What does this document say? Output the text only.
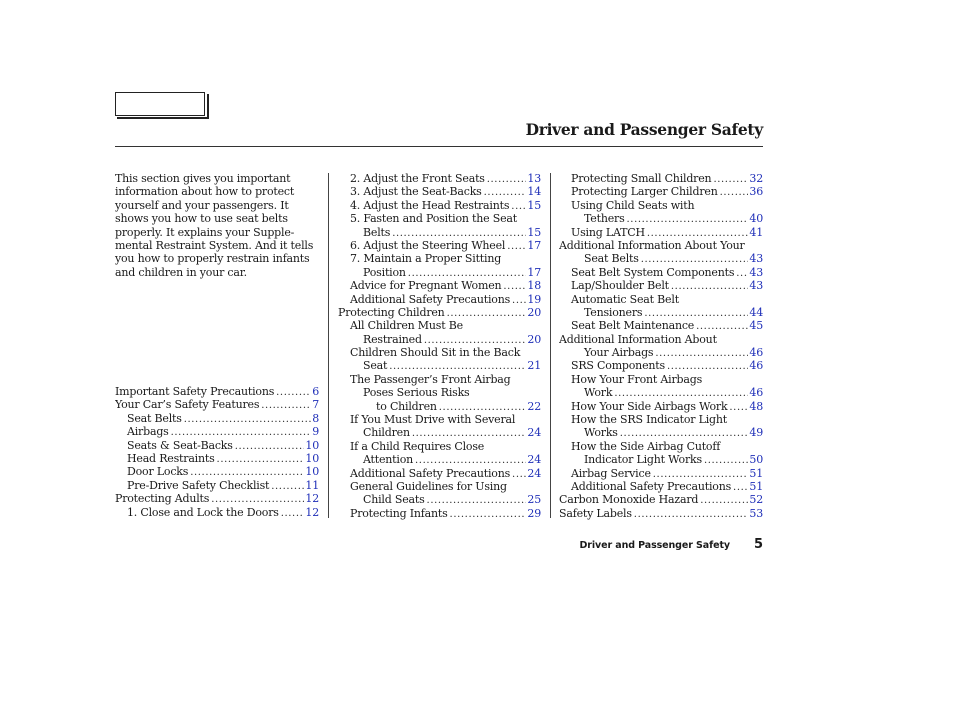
Driver and Passenger Safety

This section gives you important information about how to protect yourself and your passengers. It shows you how to use seat belts properly. It explains your Supple-mental Restraint System. And it tells you how to properly restrain infants and children in your car.

Important Safety Precautions .....	6
Your Car’s Safety Features .....	7
Seat Belts .....	8
Airbags .....	9
Seats & Seat-Backs .....	10
Head Restraints .....	10
Door Locks .....	10
Pre-Drive Safety Checklist .....	11
Protecting Adults .....	12
1. Close and Lock the Doors ..... 12
2. Adjust the Front Seats .....	13
3. Adjust the Seat-Backs .....	14
4. Adjust the Head Restraints ..... 15
5. Fasten and Position the Seat
Belts .....	15
6. Adjust the Steering Wheel ..... 17
7. Maintain a Proper Sitting
Position .....	17
Advice for Pregnant Women ..... 18
Additional Safety Precautions ..... 19
Protecting Children .....	20
All Children Must Be
Restrained .....	20
Children Should Sit in the Back
Seat .....	21
The Passenger’s Front Airbag
Poses Serious Risks
to Children .....	22
If You Must Drive with Several
Children .....	24
If a Child Requires Close
Attention .....	24
Additional Safety Precautions ..... 24
General Guidelines for Using
Child Seats .....	25
Protecting Infants .....	29
Protecting Small Children .....	32
Protecting Larger Children .....	36
Using Child Seats with
Tethers .....	40
Using LATCH .....	41
Additional Information About Your
Seat Belts .....	43
Seat Belt System Components ..... 43
Lap/Shoulder Belt .....	43
Automatic Seat Belt
Tensioners .....	44
Seat Belt Maintenance .....	45
Additional Information About
Your Airbags .....	46
SRS Components .....	46
How Your Front Airbags
Work .....	46
How Your Side Airbags Work ..... 48
How the SRS Indicator Light
Works .....	49
How the Side Airbag Cutoff
Indicator Light Works .....	50
Airbag Service .....	51
Additional Safety Precautions ..... 51
Carbon Monoxide Hazard .....	52
Safety Labels .....	53
Driver and Passenger Safety 5
